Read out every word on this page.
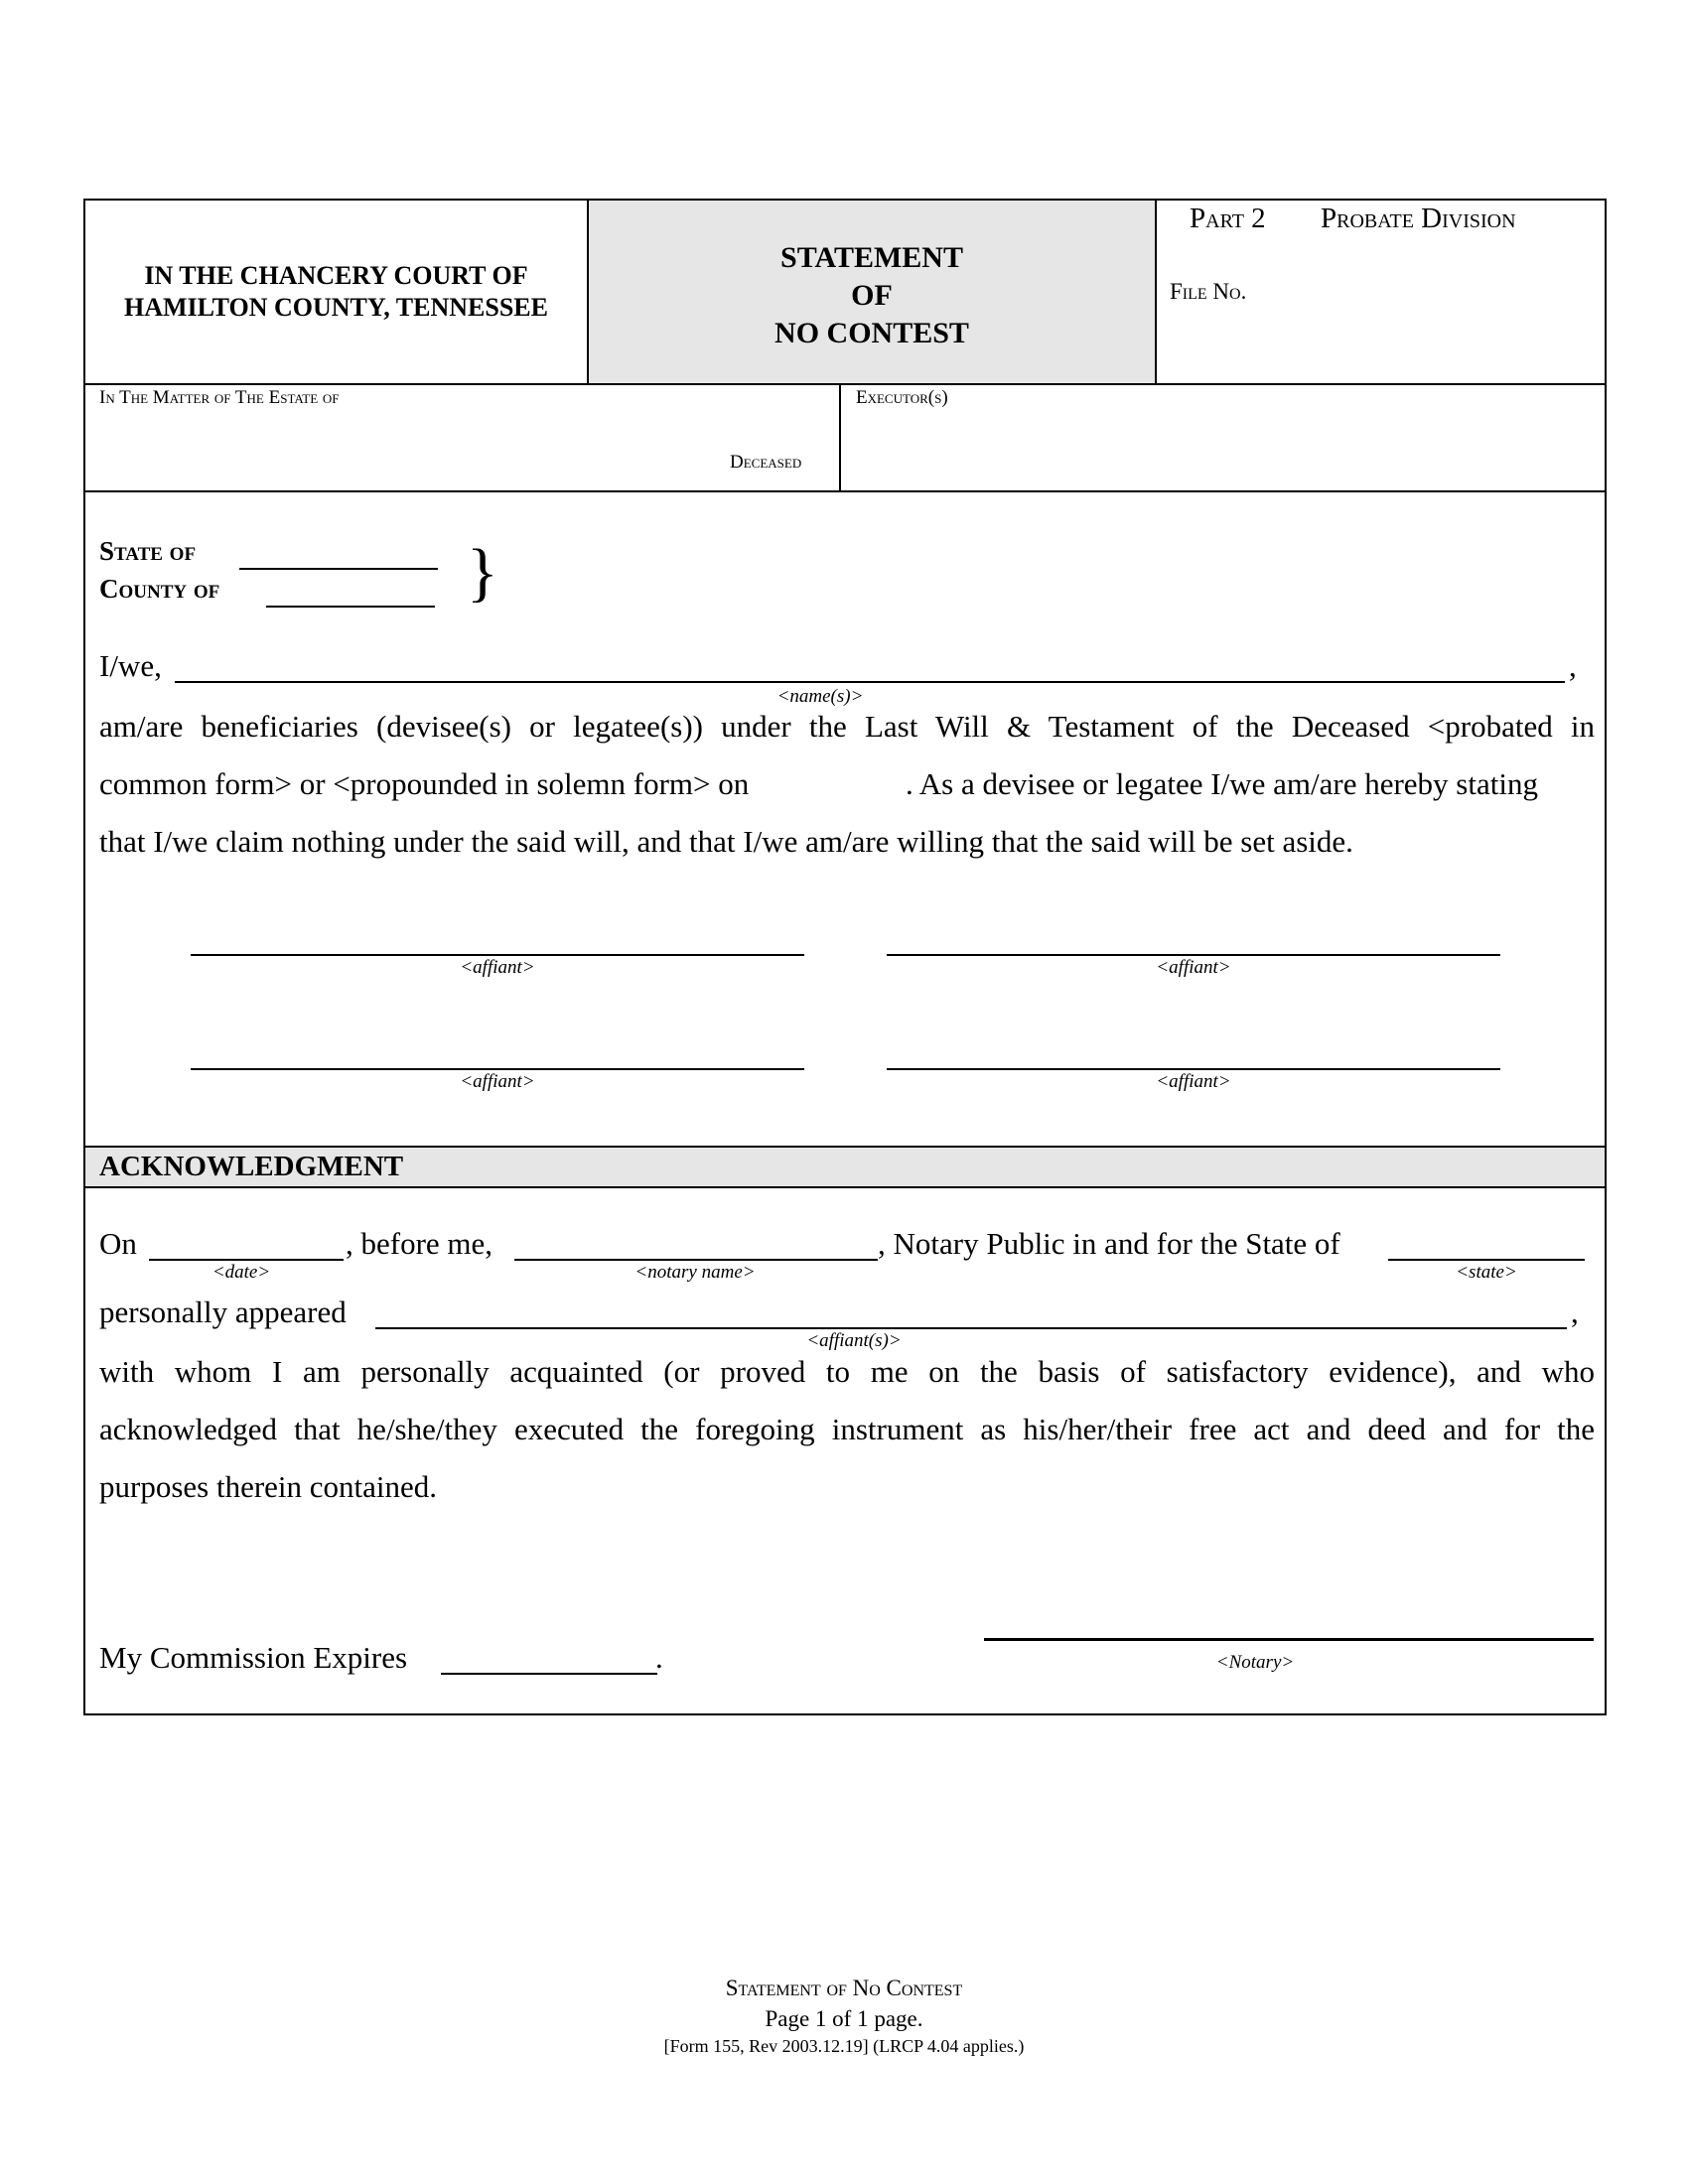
IN THE CHANCERY COURT OF
HAMILTON COUNTY, TENNESSEE
STATEMENT
OF
NO CONTEST
Part 2 Probate Division
File No.
In The Matter of The Estate of
Deceased
Executor(s)
State of
County of	}
I/we,	,
<name(s)>
am/are beneficiaries (devisee(s) or legatee(s)) under the Last Will & Testament of the Deceased <probated in
common form> or <propounded in solemn form> on	. As a devisee or legatee I/we am/are hereby stating
that I/we claim nothing under the said will, and that I/we am/are willing that the said will be set aside.
<affiant>	<affiant>
<affiant>	<affiant>
ACKNOWLEDGMENT
On
<date>
, before me,
<notary name>
, Notary Public in and for the State of
<state>
personally appeared	,
<affiant(s)>
with whom I am personally acquainted (or proved to me on the basis of satisfactory evidence), and who
acknowledged that he/she/they executed the foregoing instrument as his/her/their free act and deed and for the
purposes therein contained.
My Commission Expires	.	<Notary>
Statement of No Contest
Page 1 of 1 page.
[Form 155, Rev 2003.12.19] (LRCP 4.04 applies.)
